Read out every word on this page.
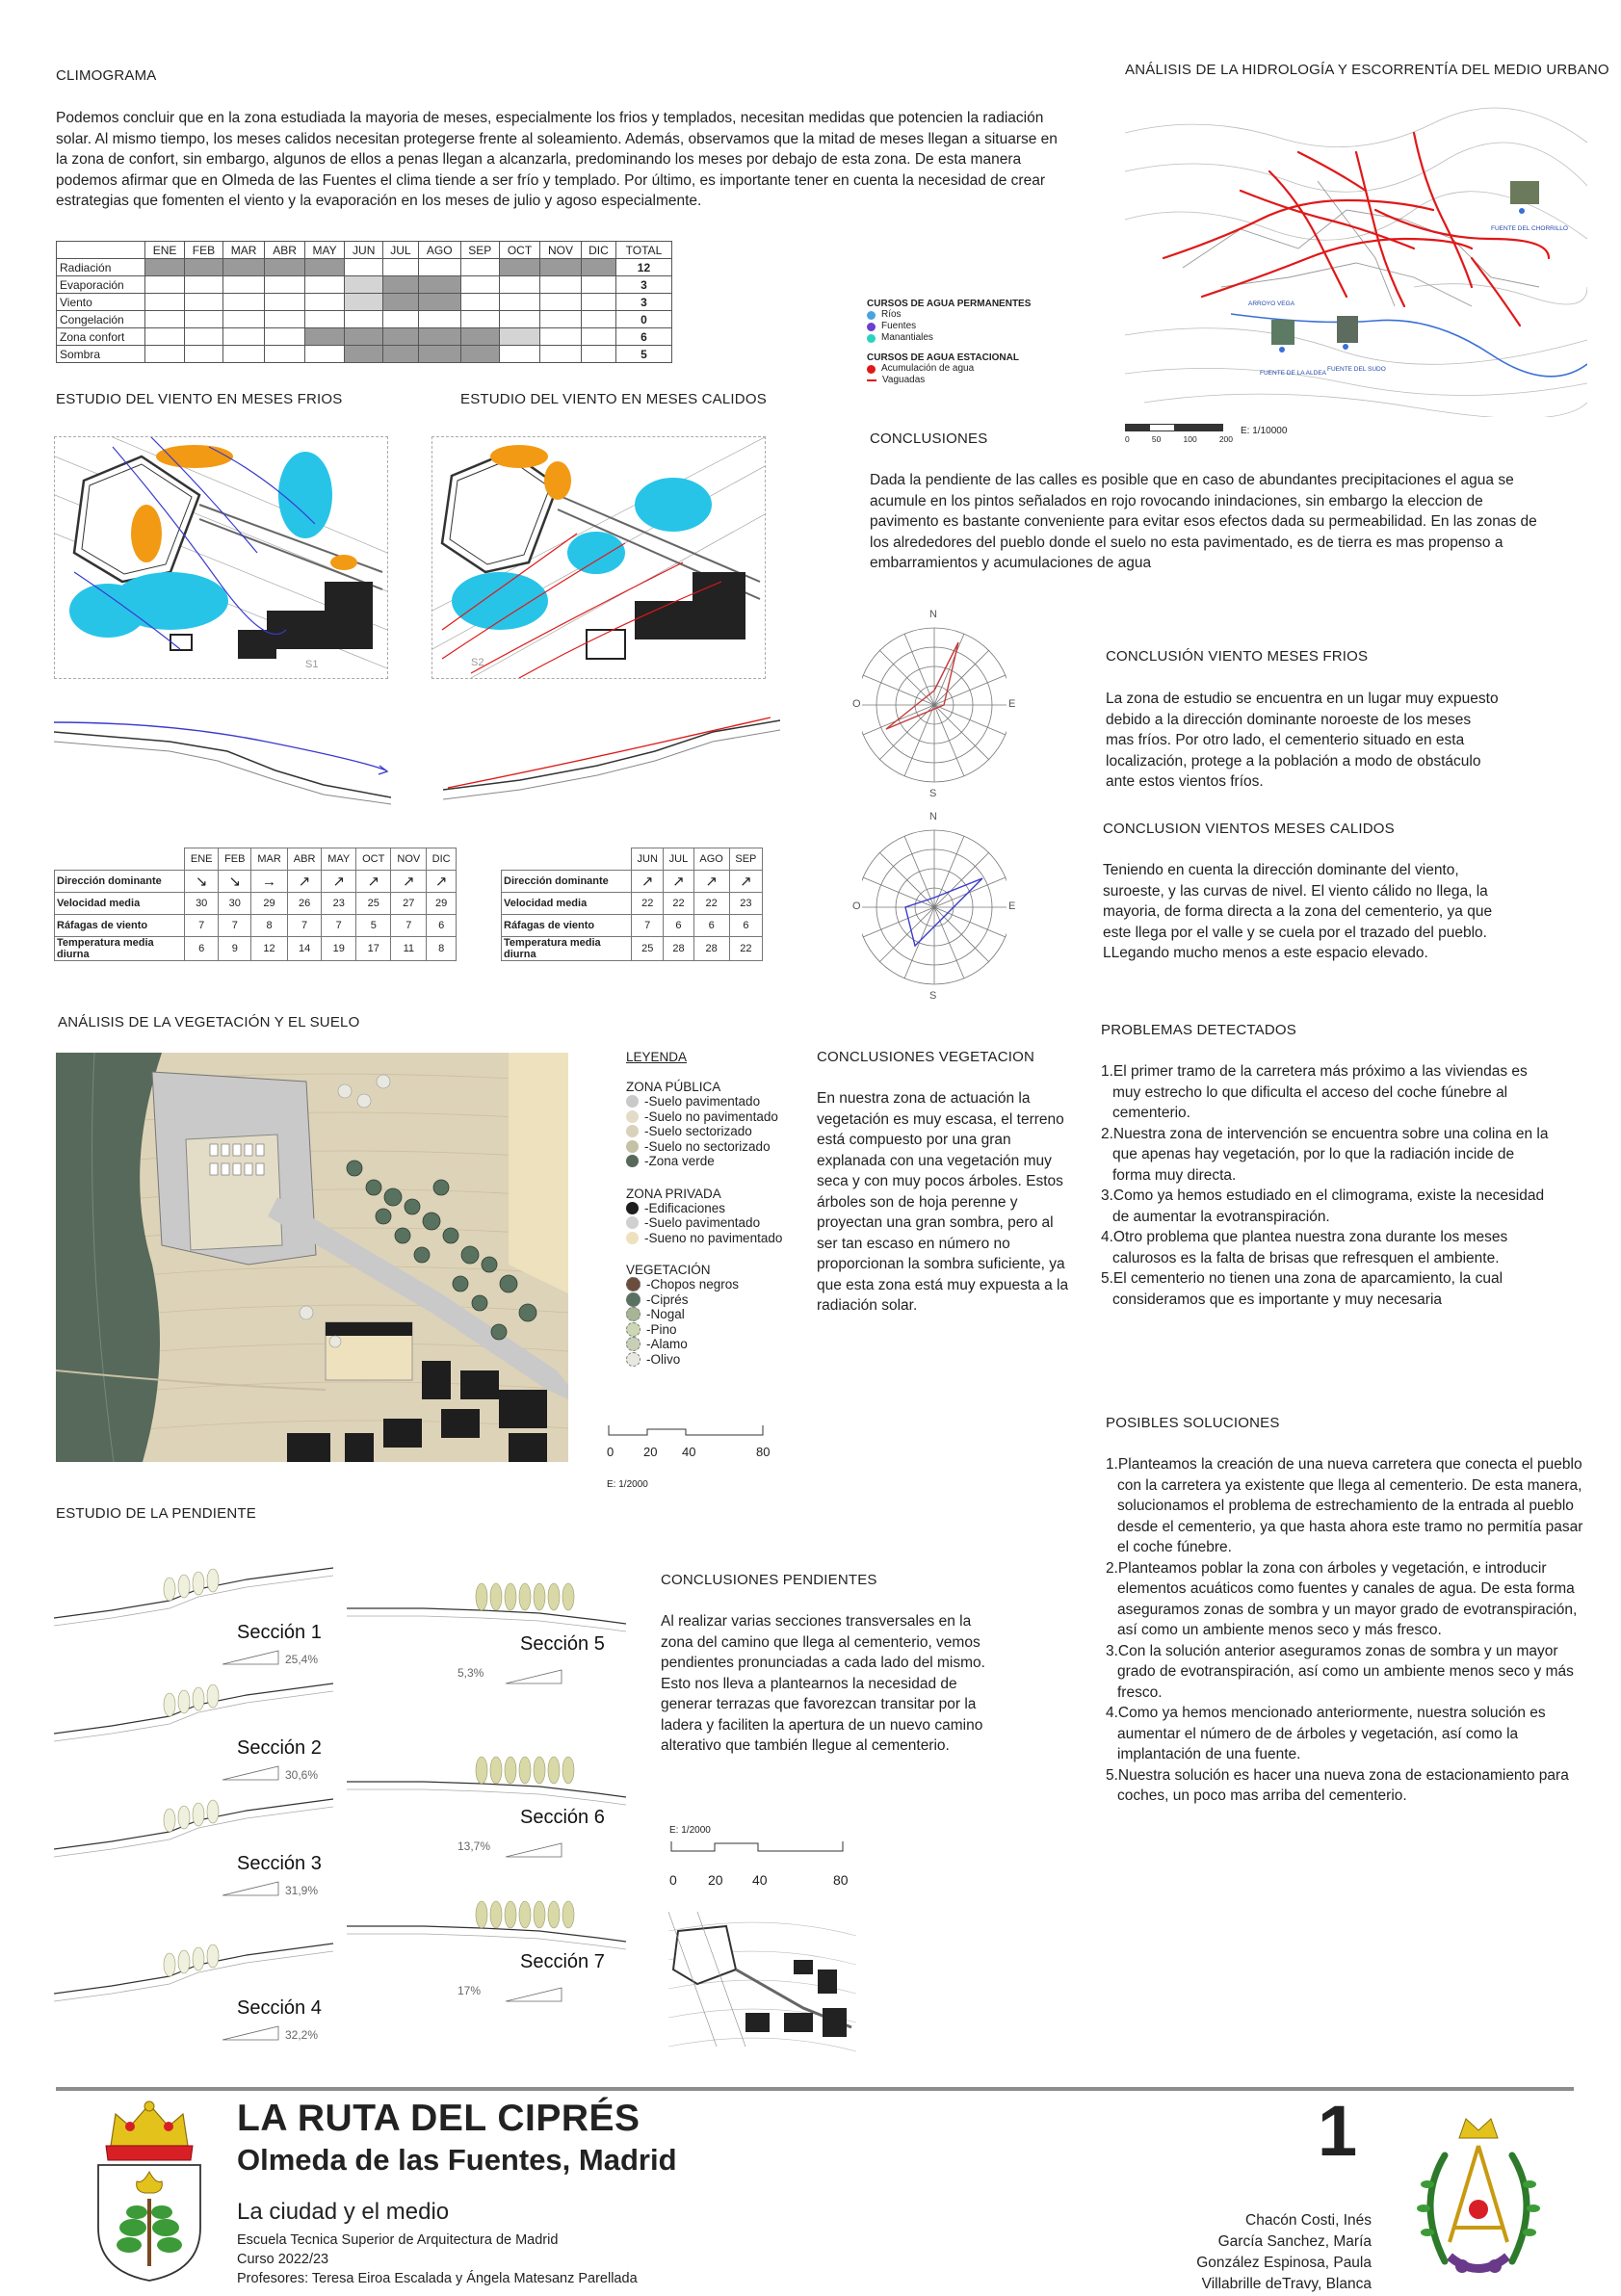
CLIMOGRAMA
Podemos concluir que en la zona estudiada la mayoria de meses, especialmente los frios y templados, necesitan medidas que potencien la radiación solar. Al mismo tiempo, los meses calidos necesitan protegerse frente al soleamiento. Además, observamos que la mitad de meses llegan a situarse en la zona de confort, sin embargo, algunos de ellos a penas llegan a alcanzarla, predominando los meses por debajo de esta zona. De esta manera podemos afirmar que en Olmeda de las Fuentes el clima tiende a ser frío y templado. Por último, es importante tener en cuenta la necesidad de crear estrategias que fomenten el viento y la evaporación en los meses de julio y agoso especialmente.
	ENE	FEB	MAR	ABR	MAY	JUN	JUL	AGO	SEP	OCT	NOV	DIC	TOTAL
Radiación													12
Evaporación													3
Viento													3
Congelación													0
Zona confort													6
Sombra													5
ANÁLISIS DE LA HIDROLOGÍA Y ESCORRENTÍA DEL MEDIO URBANO
FUENTE DEL CHORRILLO
FUENTE DE LA ALDEA
FUENTE DEL SUDO
ARROYO VEGA
CURSOS DE AGUA PERMANENTES
Ríos
Fuentes
Manantiales
CURSOS DE AGUA ESTACIONAL
Acumulación de agua
Vaguadas
0	50	100	200
E: 1/10000
CONCLUSIONES
Dada la pendiente de las calles es posible que en caso de abundantes precipitaciones el agua se acumule en los pintos señalados en rojo rovocando inindaciones, sin embargo la eleccion de pavimento es bastante conveniente para evitar esos efectos dada su permeabilidad. En las zonas de los alrededores del pueblo donde el suelo no esta pavimentado, es de tierra es mas propenso a embarramientos y acumulaciones de agua
ESTUDIO DEL VIENTO EN MESES FRIOS	ESTUDIO DEL VIENTO EN MESES CALIDOS
S1	S2
	ENE	FEB	MAR	ABR	MAY	OCT	NOV	DIC
Dirección dominante	↘	↘	→	↗	↗	↗	↗	↗
Velocidad media	30	30	29	26	23	25	27	29
Ráfagas de viento	7	7	8	7	7	5	7	6
Temperatura media diurna	6	9	12	14	19	17	11	8
	JUN	JUL	AGO	SEP
Dirección dominante	↗	↗	↗	↗
Velocidad media	22	22	22	23
Ráfagas de viento	7	6	6	6
Temperatura media diurna	25	28	28	22
N
S
O	E
N
S
O	E
CONCLUSIÓN VIENTO MESES FRIOS
La zona de estudio se encuentra en un lugar muy expuesto debido a la dirección dominante noroeste de los meses mas fríos. Por otro lado, el cementerio situado en esta localización, protege a la población a modo de obstáculo ante estos vientos fríos.
CONCLUSION VIENTOS MESES CALIDOS
Teniendo en cuenta la dirección dominante del viento, suroeste, y las curvas de nivel. El viento cálido no llega, la mayoria, de forma directa a la zona del cementerio, ya que este llega por el valle y se cuela por el trazado del pueblo. LLegando mucho menos a este espacio elevado.
PROBLEMAS DETECTADOS
1.El primer tramo de la carretera más próximo a las viviendas es muy estrecho lo que dificulta el acceso del coche fúnebre al cementerio.
2.Nuestra zona de intervención se encuentra sobre una colina en la que apenas hay vegetación, por lo que la radiación incide de forma muy directa.
3.Como ya hemos estudiado en el climograma, existe la necesidad de aumentar la evotranspiración.
4.Otro problema que plantea nuestra zona durante los meses calurosos es la falta de brisas que refresquen el ambiente.
5.El cementerio no tienen una zona de aparcamiento, la cual consideramos que es importante y muy necesaria
ANÁLISIS DE LA VEGETACIÓN Y EL SUELO
LEYENDA
ZONA PÚBLICA
-Suelo pavimentado
-Suelo no pavimentado
-Suelo sectorizado
-Suelo no sectorizado
-Zona verde
ZONA PRIVADA
-Edificaciones
-Suelo pavimentado
-Sueno no pavimentado
VEGETACIÓN
-Chopos negros
-Ciprés
-Nogal
-Pino
-Alamo
-Olivo
0 20 40	80
E: 1/2000
CONCLUSIONES VEGETACION
En nuestra zona de actuación la vegetación es muy escasa, el terreno está compuesto por una gran explanada con una vegetación muy seca y con muy pocos árboles. Estos árboles son de hoja perenne y proyectan una gran sombra, pero al ser tan escaso en número no proporcionan la sombra suficiente, ya que esta zona está muy expuesta a la radiación solar.
ESTUDIO DE LA PENDIENTE
Sección 1
25,4%
Sección 2
30,6%
Sección 3
31,9%
Sección 4
32,2%
Sección 5
5,3%
Sección 6
13,7%
Sección 7
17%
CONCLUSIONES PENDIENTES
Al realizar varias secciones transversales en la zona del camino que llega al cementerio, vemos pendientes pronunciadas a cada lado del mismo. Esto nos lleva a plantearnos la necesidad de generar terrazas que favorezcan transitar por la ladera y faciliten la apertura de un nuevo camino alterativo que también llegue al cementerio.
E: 1/2000
0 20 40	80
POSIBLES SOLUCIONES
1.Planteamos la creación de una nueva carretera que conecta el pueblo con la carretera ya existente que llega al cementerio. De esta manera, solucionamos el problema de estrechamiento de la entrada al pueblo desde el cementerio, ya que hasta ahora este tramo no permitía pasar el coche fúnebre.
2.Planteamos poblar la zona con árboles y vegetación, e introducir elementos acuáticos como fuentes y canales de agua. De esta forma aseguramos zonas de sombra y un mayor grado de evotranspiración, así como un ambiente menos seco y más fresco.
3.Con la solución anterior aseguramos zonas de sombra y un mayor grado de evotranspiración, así como un ambiente menos seco y más fresco.
4.Como ya hemos mencionado anteriormente, nuestra solución es aumentar el número de de árboles y vegetación, así como la implantación de una fuente.
5.Nuestra solución es hacer una nueva zona de estacionamiento para coches, un poco mas arriba del cementerio.
LA RUTA DEL CIPRÉS
Olmeda de las Fuentes, Madrid
La ciudad y el medio
Escuela Tecnica Superior de Arquitectura de Madrid
Curso 2022/23
Profesores: Teresa Eiroa Escalada y Ángela Matesanz Parellada
1
Chacón Costi, Inés
García Sanchez, María
González Espinosa, Paula
Villabrille deTravy, Blanca
